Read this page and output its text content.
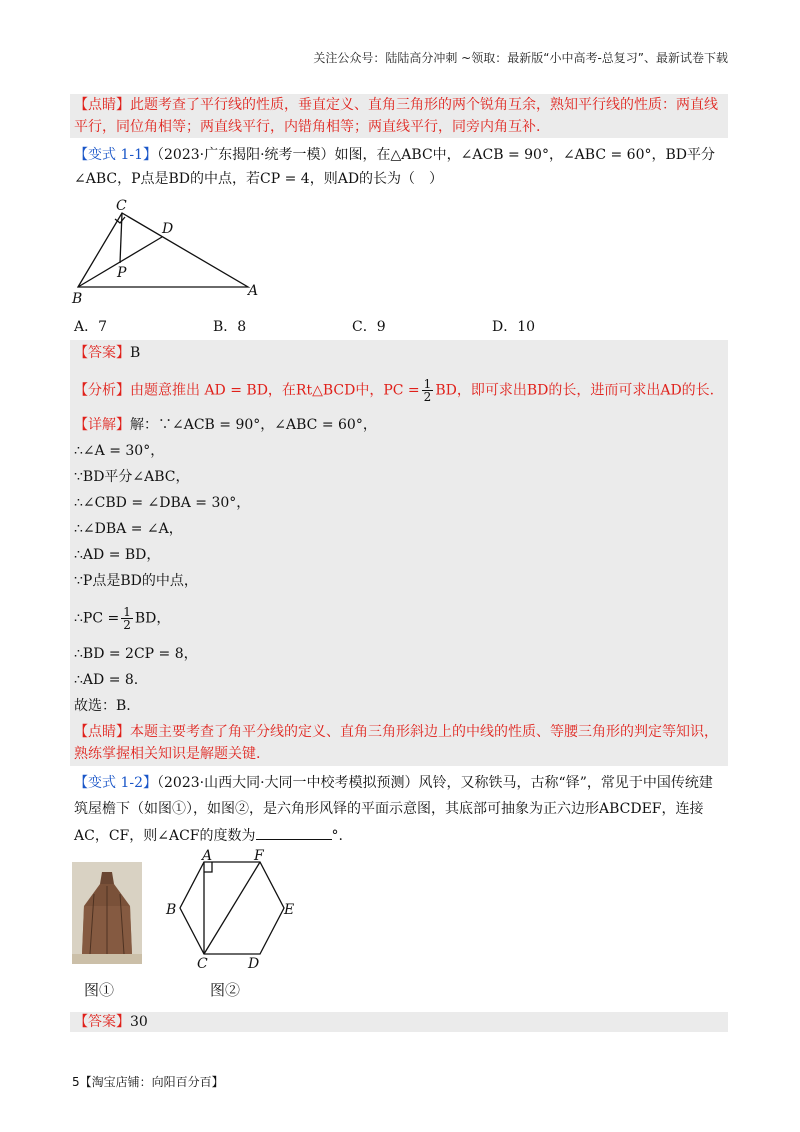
关注公众号：陆陆高分冲刺 ~领取：最新版“小中高考-总复习”、最新试卷下载
【点睛】此题考查了平行线的性质，垂直定义、直角三角形的两个锐角互余，熟知平行线的性质：两直线
平行，同位角相等；两直线平行，内错角相等；两直线平行，同旁内角互补.
【变式 1-1】（2023·广东揭阳·统考一模）如图，在△ABC中，∠ACB = 90°，∠ABC = 60°，BD平分
∠ABC，P点是BD的中点，若CP = 4，则AD的长为（　）
C
D
P
B	A
A．7	B．8	C．9	D．10
【答案】B
【分析】由题意推出 AD = BD，在Rt△BCD中，PC = $\frac{1}{2}$ BD，即可求出BD的长，进而可求出AD的长.
【详解】解：∵∠ACB = 90°，∠ABC = 60°，
∴∠A = 30°，
∵BD平分∠ABC，
∴∠CBD = ∠DBA = 30°，
∴∠DBA = ∠A，
∴AD = BD，
∵P点是BD的中点，
∴PC = $\frac{1}{2}$ BD，
∴BD = 2CP = 8，
∴AD = 8.
故选：B.
【点睛】本题主要考查了角平分线的定义、直角三角形斜边上的中线的性质、等腰三角形的判定等知识，
熟练掌握相关知识是解题关键.
【变式 1-2】（2023·山西大同·大同一中校考模拟预测）风铃，又称铁马，古称“铎”，常见于中国传统建
筑屋檐下（如图①），如图②，是六角形风铎的平面示意图，其底部可抽象为正六边形ABCDEF，连接
AC，CF，则∠ACF的度数为	°.
A	F
B	E
C	D
图①	图②
【答案】30
5【淘宝店铺：向阳百分百】
